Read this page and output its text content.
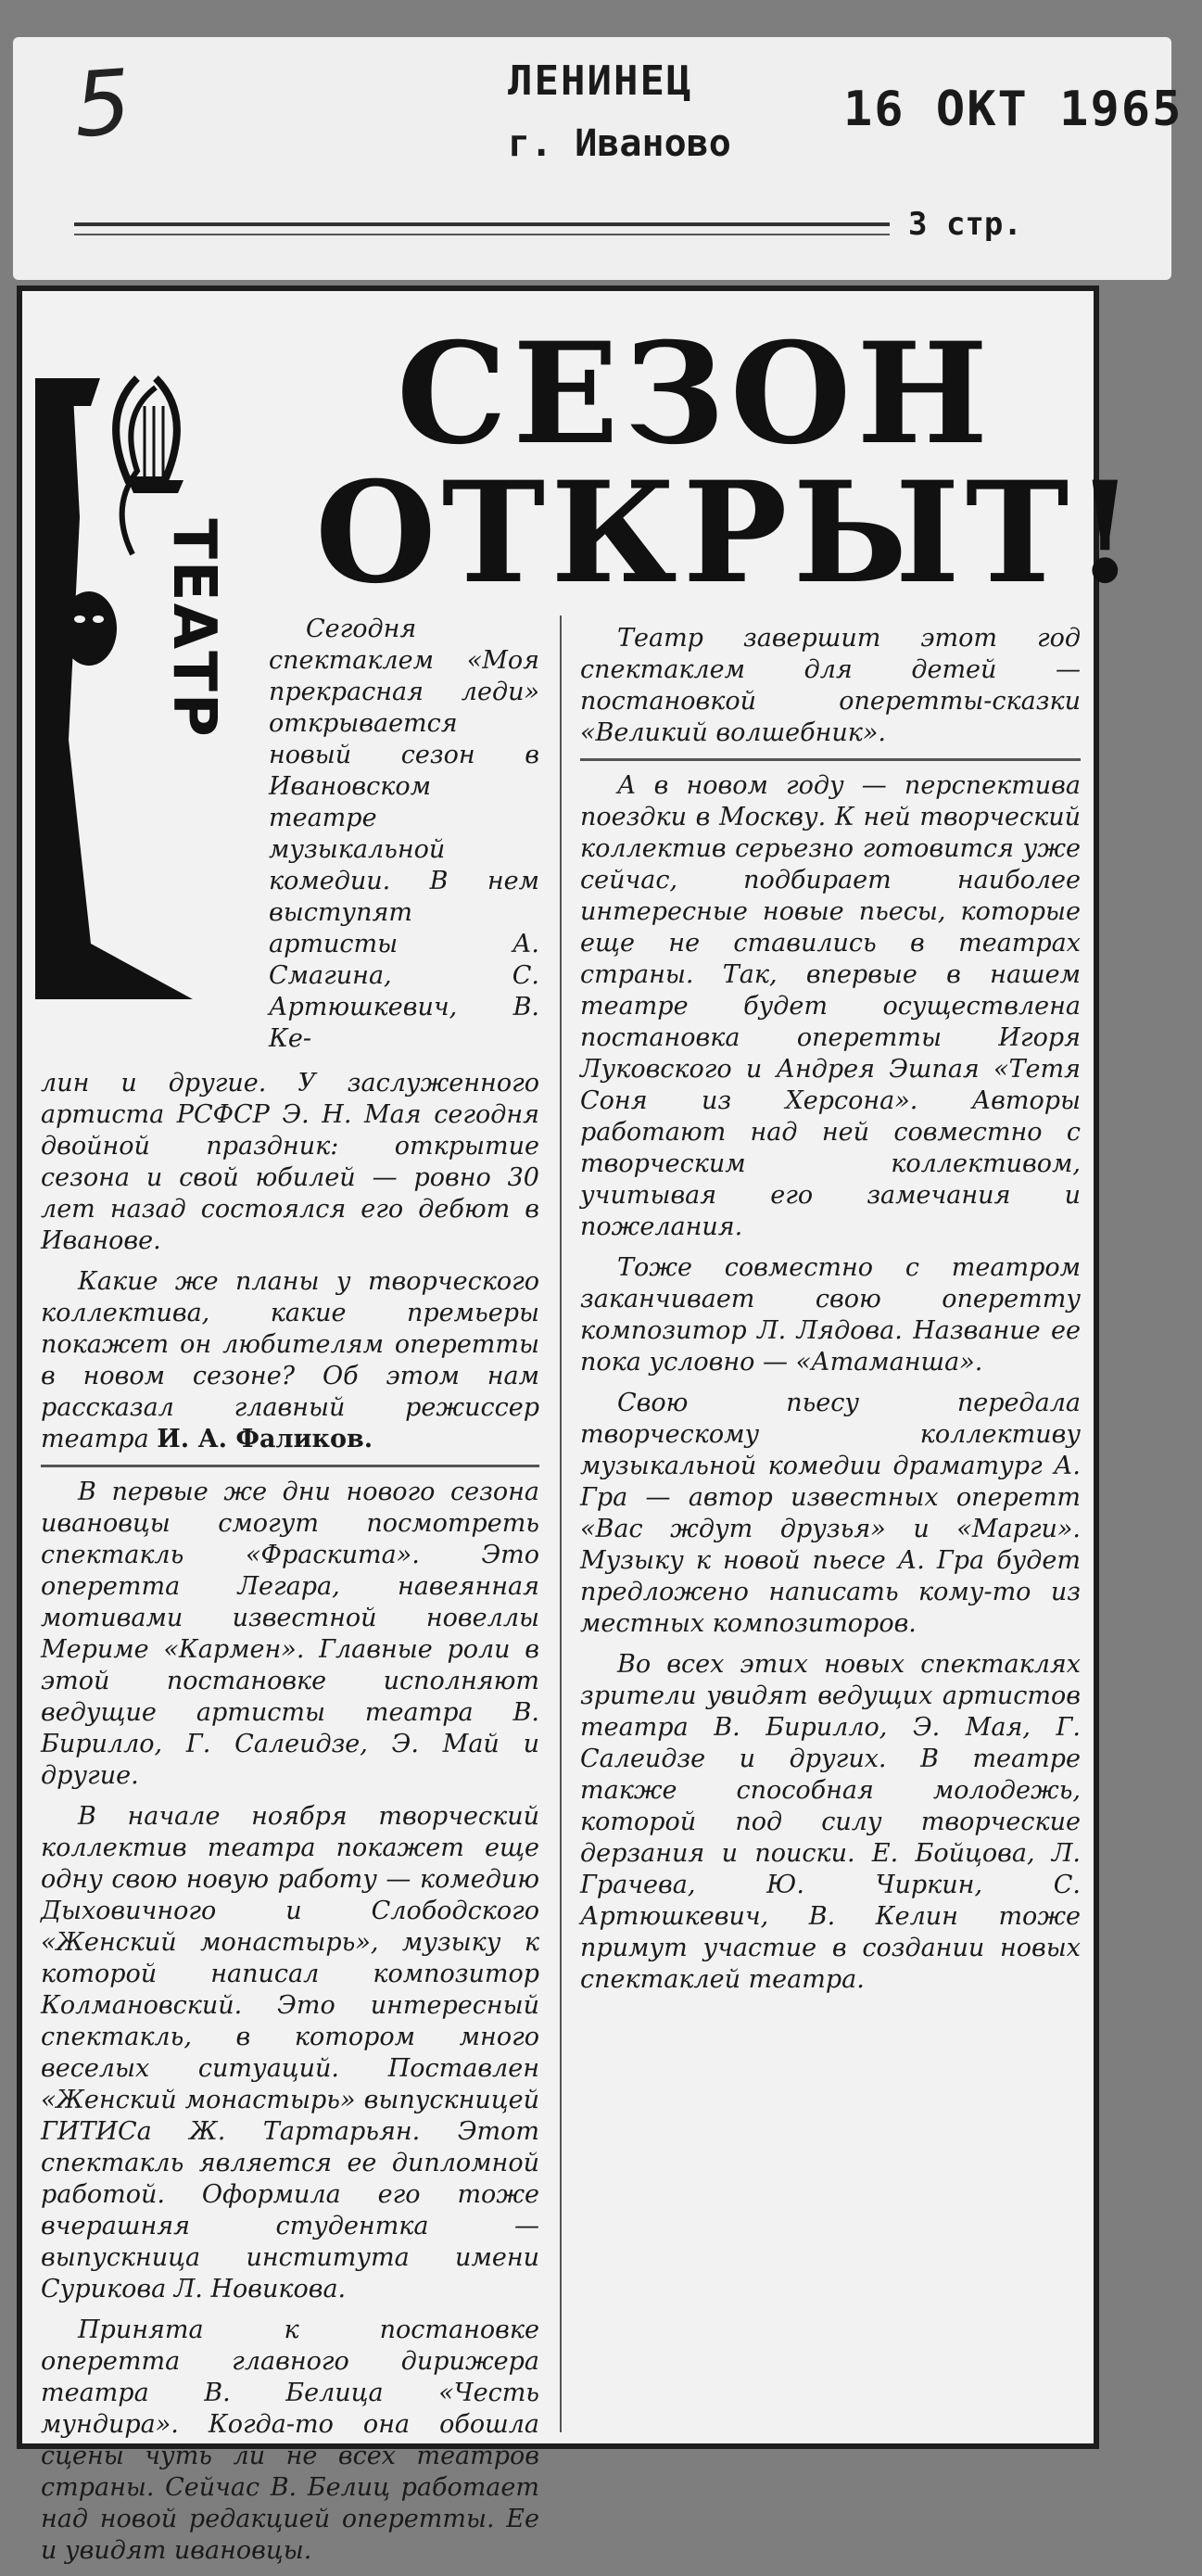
5	ЛЕНИНЕЦ
г. Иваново
16 ОКТ 1965
3 стр.
ТЕАТР
СЕЗОН
ОТКРЫТ!

Сегодня спектаклем «Моя прекрасная леди» открывается новый сезон в Ивановском театре музыкальной комедии. В нем выступят артисты А. Смагина, С. Артюшкевич, В. Ке-

лин и другие. У заслуженного артиста РСФСР Э. Н. Мая сегодня двойной праздник: открытие сезона и свой юбилей — ровно 30 лет назад состоялся его дебют в Иванове.

Какие же планы у творческого коллектива, какие премьеры покажет он любителям оперетты в новом сезоне? Об этом нам рассказал главный режиссер театра И. А. Фаликов.

В первые же дни нового сезона ивановцы смогут посмотреть спектакль «Фраскита». Это оперетта Легара, навеянная мотивами известной новеллы Мериме «Кармен». Главные роли в этой постановке исполняют ведущие артисты театра В. Бирилло, Г. Салеидзе, Э. Май и другие.

В начале ноября творческий коллектив театра покажет еще одну свою новую работу — комедию Дыховичного и Слободского «Женский монастырь», музыку к которой написал композитор Колмановский. Это интересный спектакль, в котором много веселых ситуаций. Поставлен «Женский монастырь» выпускницей ГИТИСа Ж. Тартарьян. Этот спектакль является ее дипломной работой. Оформила его тоже вчерашняя студентка — выпускница института имени Сурикова Л. Новикова.

Принята к постановке оперетта главного дирижера театра В. Белица «Честь мундира». Когда-то она обошла сцены чуть ли не всех театров страны. Сейчас В. Белиц работает над новой редакцией оперетты. Ее и увидят ивановцы.

Театр завершит этот год спектаклем для детей — постановкой оперетты-сказки «Великий волшебник».

А в новом году — перспектива поездки в Москву. К ней творческий коллектив серьезно готовится уже сейчас, подбирает наиболее интересные новые пьесы, которые еще не ставились в театрах страны. Так, впервые в нашем театре будет осуществлена постановка оперетты Игоря Луковского и Андрея Эшпая «Тетя Соня из Херсона». Авторы работают над ней совместно с творческим коллективом, учитывая его замечания и пожелания.

Тоже совместно с театром заканчивает свою оперетту композитор Л. Лядова. Название ее пока условно — «Атаманша».

Свою пьесу передала творческому коллективу музыкальной комедии драматург А. Гра — автор известных оперетт «Вас ждут друзья» и «Марги». Музыку к новой пьесе А. Гра будет предложено написать кому-то из местных композиторов.

Во всех этих новых спектаклях зрители увидят ведущих артистов театра В. Бирилло, Э. Мая, Г. Салеидзе и других. В театре также способная молодежь, которой под силу творческие дерзания и поиски. Е. Бойцова, Л. Грачева, Ю. Чиркин, С. Артюшкевич, В. Келин тоже примут участие в создании новых спектаклей театра.
